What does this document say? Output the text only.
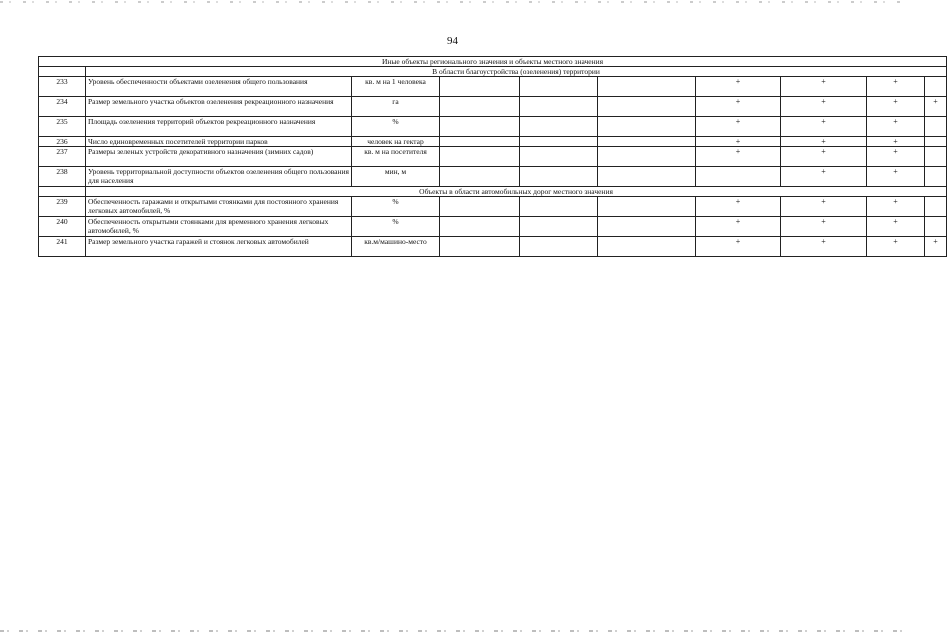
94
Иные объекты регионального значения и объекты местного значения									
	В области благоустройства (озеленения) территории								
233	Уровень обеспеченности объектами озеленения общего пользования	кв. м на 1 человека				+	+	+	
234	Размер земельного участка объектов озеленения рекреационного назначения	га				+	+	+	+
235	Площадь озеленения территорий объектов рекреационного назначения	%				+	+	+	
236	Число единовременных посетителей территории парков	человек на гектар				+	+	+	
237	Размеры зеленых устройств декоративного назначения (зимних садов)	кв. м на посетителя				+	+	+	
238	Уровень территориальной доступности объектов озеленения общего пользования для населения	мин, м					+	+	
	Объекты в области автомобильных дорог местного значения								
239	Обеспеченность гаражами и открытыми стоянками для постоянного хранения легковых автомобилей, %	%				+	+	+	
240	Обеспеченность открытыми стоянками для временного хранения легковых автомобилей, %	%				+	+	+	
241	Размер земельного участка гаражей и стоянок легковых автомобилей	кв.м/машино-место				+	+	+	+
